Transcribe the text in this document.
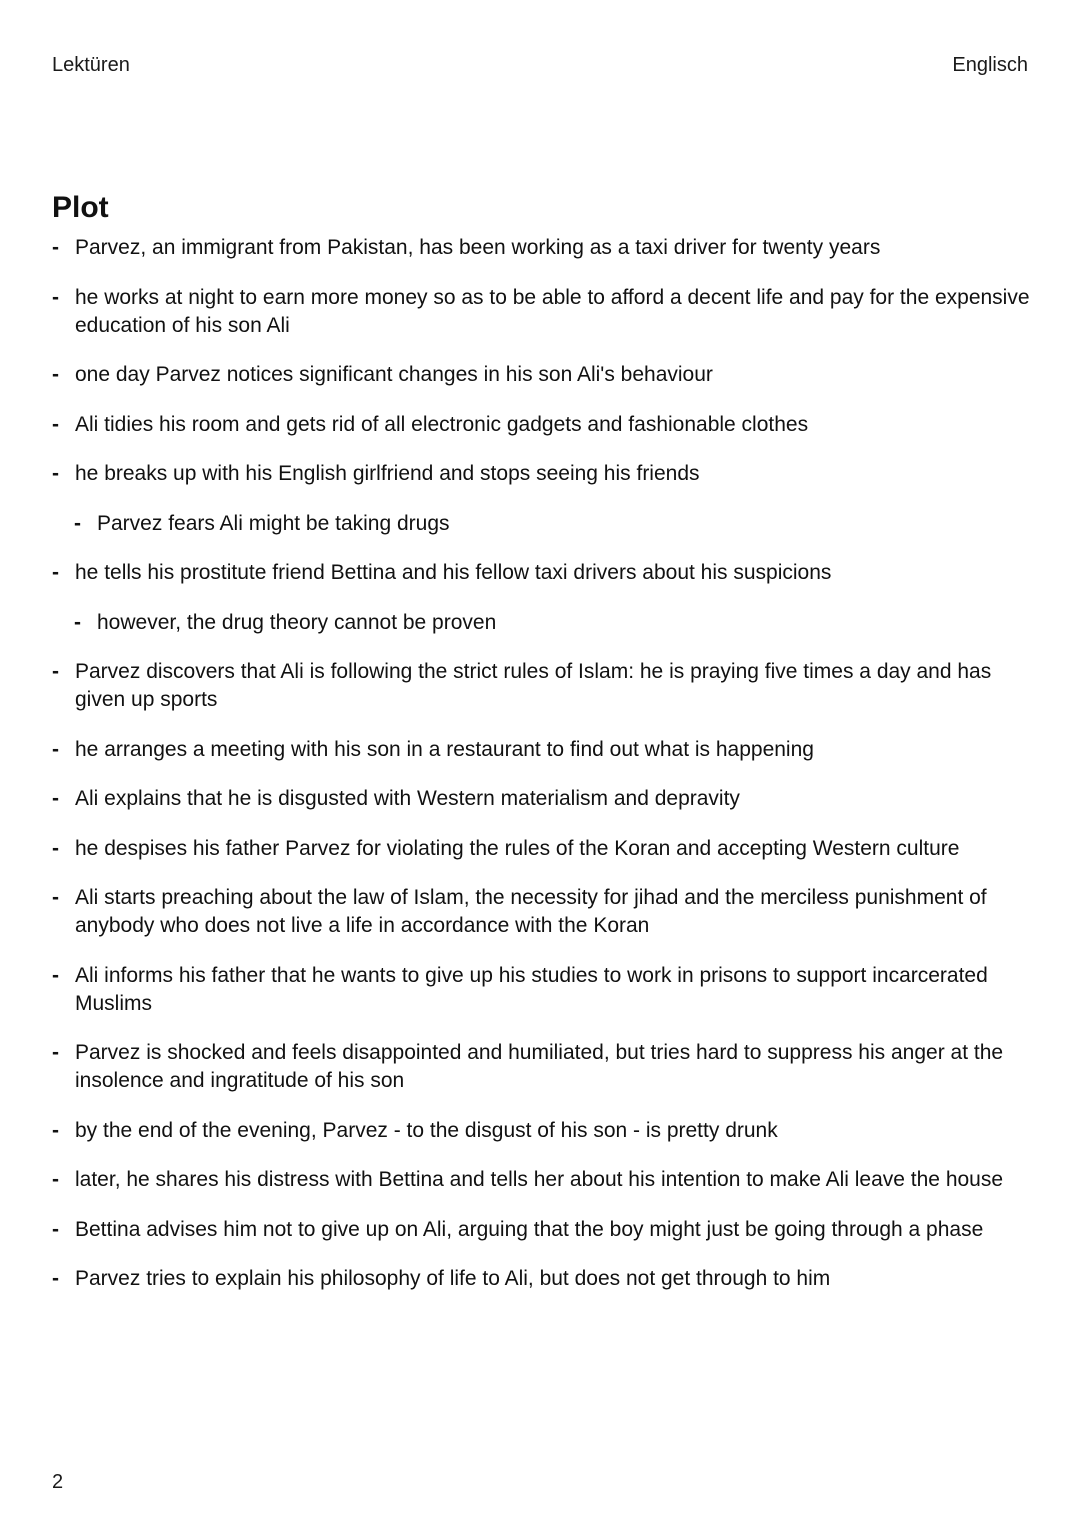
Lektüren	Englisch
Plot
- Parvez, an immigrant from Pakistan, has been working as a taxi driver for twenty years
- he works at night to earn more money so as to be able to afford a decent life and pay for the expensive education of his son Ali
- one day Parvez notices significant changes in his son Ali's behaviour
- Ali tidies his room and gets rid of all electronic gadgets and fashionable clothes
- he breaks up with his English girlfriend and stops seeing his friends
- Parvez fears Ali might be taking drugs
- he tells his prostitute friend Bettina and his fellow taxi drivers about his suspicions
- however, the drug theory cannot be proven
- Parvez discovers that Ali is following the strict rules of Islam: he is praying five times a day and has given up sports
- he arranges a meeting with his son in a restaurant to find out what is happening
- Ali explains that he is disgusted with Western materialism and depravity
- he despises his father Parvez for violating the rules of the Koran and accepting Western culture
- Ali starts preaching about the law of Islam, the necessity for jihad and the merciless punishment of anybody who does not live a life in accordance with the Koran
- Ali informs his father that he wants to give up his studies to work in prisons to support incarcerated Muslims
- Parvez is shocked and feels disappointed and humiliated, but tries hard to suppress his anger at the insolence and ingratitude of his son
- by the end of the evening, Parvez - to the disgust of his son - is pretty drunk
- later, he shares his distress with Bettina and tells her about his intention to make Ali leave the house
- Bettina advises him not to give up on Ali, arguing that the boy might just be going through a phase
- Parvez tries to explain his philosophy of life to Ali, but does not get through to him
2
